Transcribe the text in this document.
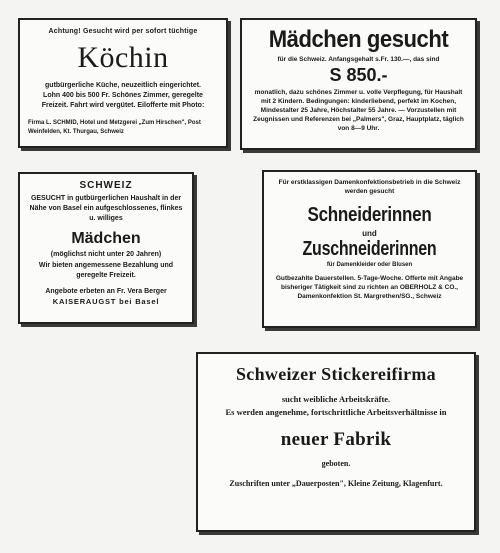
Achtung! Gesucht wird per sofort tüchtige

Köchin

gutbürgerliche Küche, neuzeitlich eingerichtet. Lohn 400 bis 500 Fr. Schönes Zimmer, geregelte Freizeit. Fahrt wird vergütet. Eilofferte mit Photo:

Firma L. SCHMID, Hotel und Metzgerei „Zum Hirschen", Post Weinfelden, Kt. Thurgau, Schweiz

Mädchen gesucht

für die Schweiz. Anfangsgehalt s.Fr. 130.—, das sind

S 850.-

monatlich, dazu schönes Zimmer u. volle Verpflegung, für Haushalt mit 2 Kindern. Bedingungen: kinderliebend, perfekt im Kochen, Mindestalter 25 Jahre, Höchstalter 55 Jahre. — Vorzustellen mit Zeugnissen und Referenzen bei „Palmers", Graz, Hauptplatz, täglich von 8—9 Uhr.

SCHWEIZ

GESUCHT in gutbürgerlichen Haushalt in der Nähe von Basel ein aufgeschlossenes, flinkes u. williges

Mädchen

(möglichst nicht unter 20 Jahren)

Wir bieten angemessene Bezahlung und geregelte Freizeit.

Angebote erbeten an Fr. Vera Berger

KAISERAUGST bei Basel

Für erstklassigen Damenkonfektionsbetrieb in die Schweiz werden gesucht

Schneiderinnen

und

Zuschneiderinnen

für Damenkleider oder Blusen

Gutbezahlte Dauerstellen. 5-Tage-Woche. Offerte mit Angabe bisheriger Tätigkeit sind zu richten an OBERHOLZ & CO., Damenkonfektion St. Margrethen/SG., Schweiz

Schweizer Stickereifirma

sucht weibliche Arbeitskräfte.
Es werden angenehme, fortschrittliche Arbeitsverhältnisse in

neuer Fabrik

geboten.

Zuschriften unter „Dauerposten", Kleine Zeitung, Klagenfurt.
